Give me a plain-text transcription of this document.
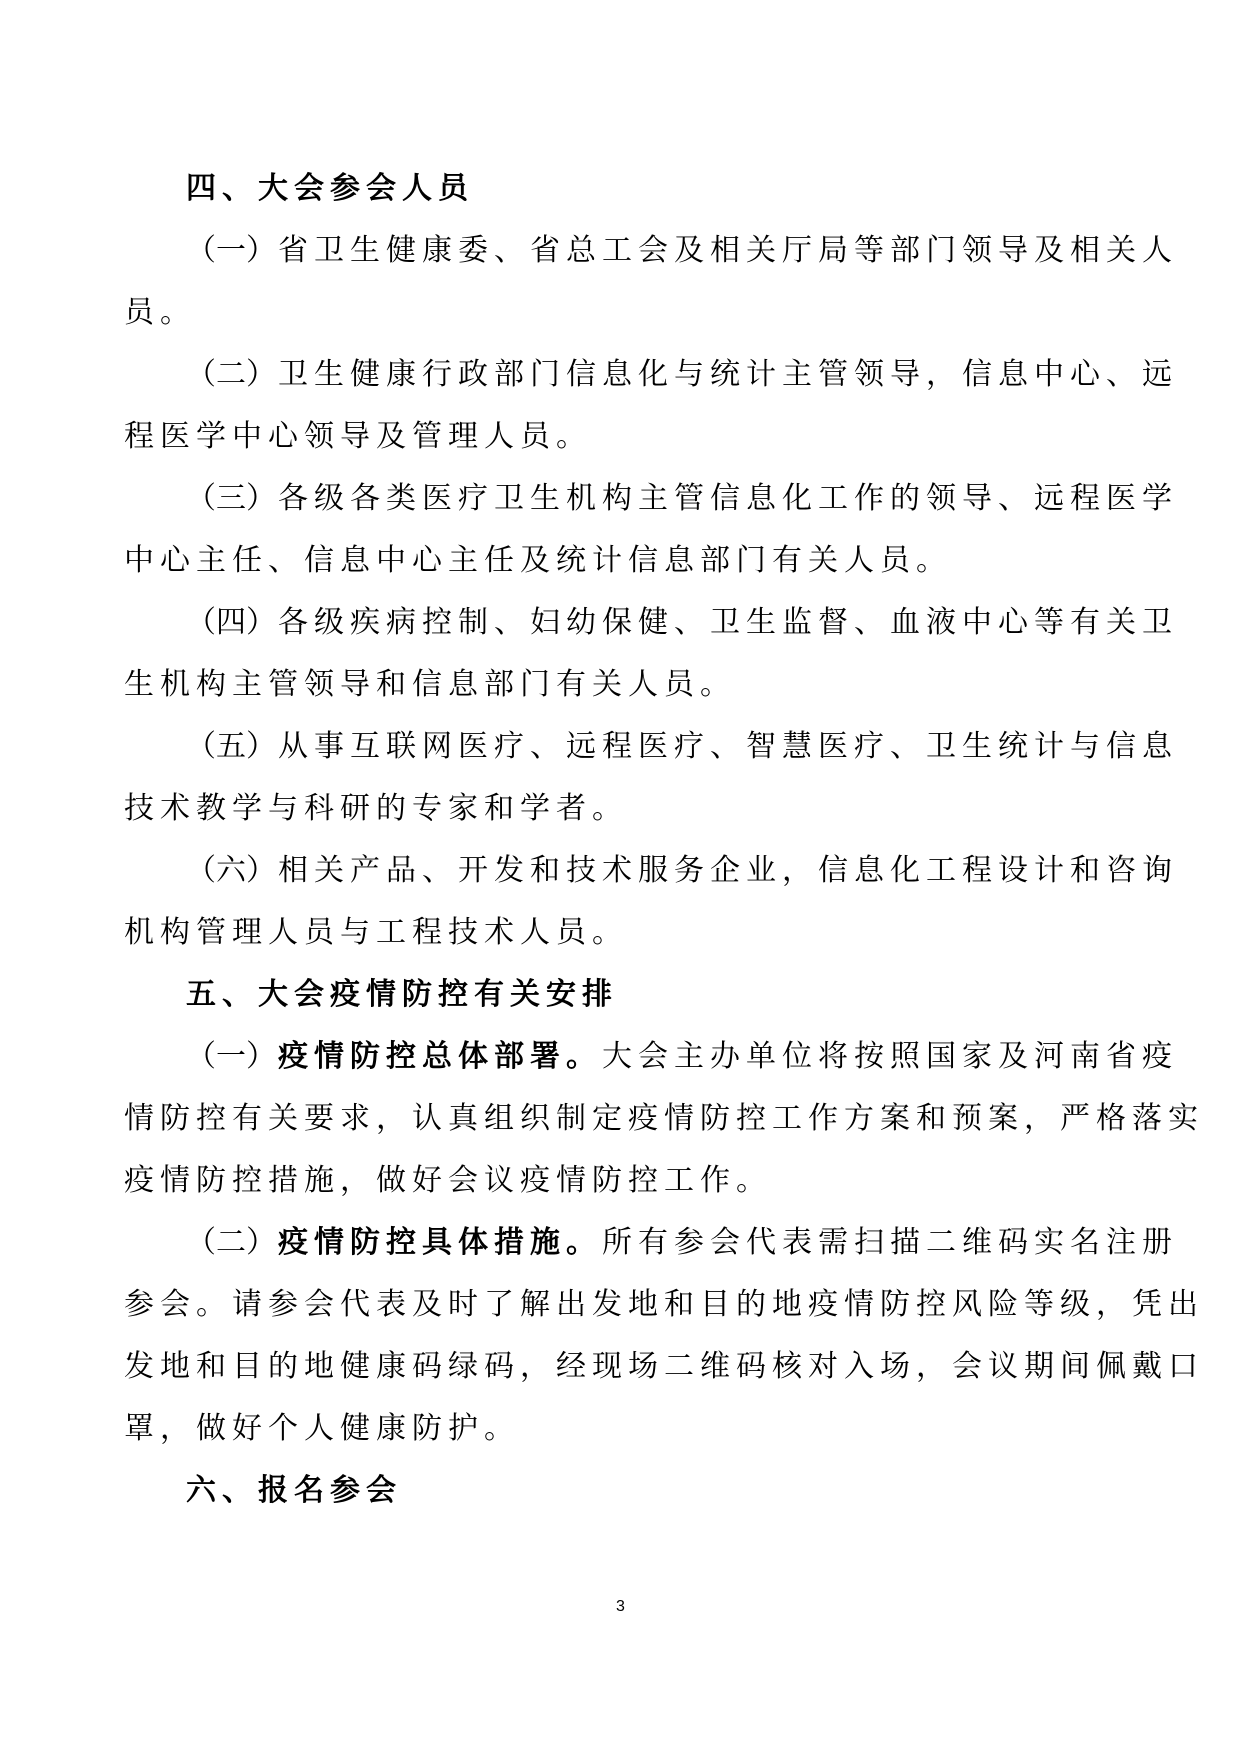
四、大会参会人员
（一）省卫生健康委、省总工会及相关厅局等部门领导及相关人
员。
（二）卫生健康行政部门信息化与统计主管领导，信息中心、远
程医学中心领导及管理人员。
（三）各级各类医疗卫生机构主管信息化工作的领导、远程医学
中心主任、信息中心主任及统计信息部门有关人员。
（四）各级疾病控制、妇幼保健、卫生监督、血液中心等有关卫
生机构主管领导和信息部门有关人员。
（五）从事互联网医疗、远程医疗、智慧医疗、卫生统计与信息
技术教学与科研的专家和学者。
（六）相关产品、开发和技术服务企业，信息化工程设计和咨询
机构管理人员与工程技术人员。
五、大会疫情防控有关安排
（一）疫情防控总体部署。大会主办单位将按照国家及河南省疫
情防控有关要求，认真组织制定疫情防控工作方案和预案，严格落实
疫情防控措施，做好会议疫情防控工作。
（二）疫情防控具体措施。所有参会代表需扫描二维码实名注册
参会。请参会代表及时了解出发地和目的地疫情防控风险等级，凭出
发地和目的地健康码绿码，经现场二维码核对入场，会议期间佩戴口
罩，做好个人健康防护。
六、报名参会
3
